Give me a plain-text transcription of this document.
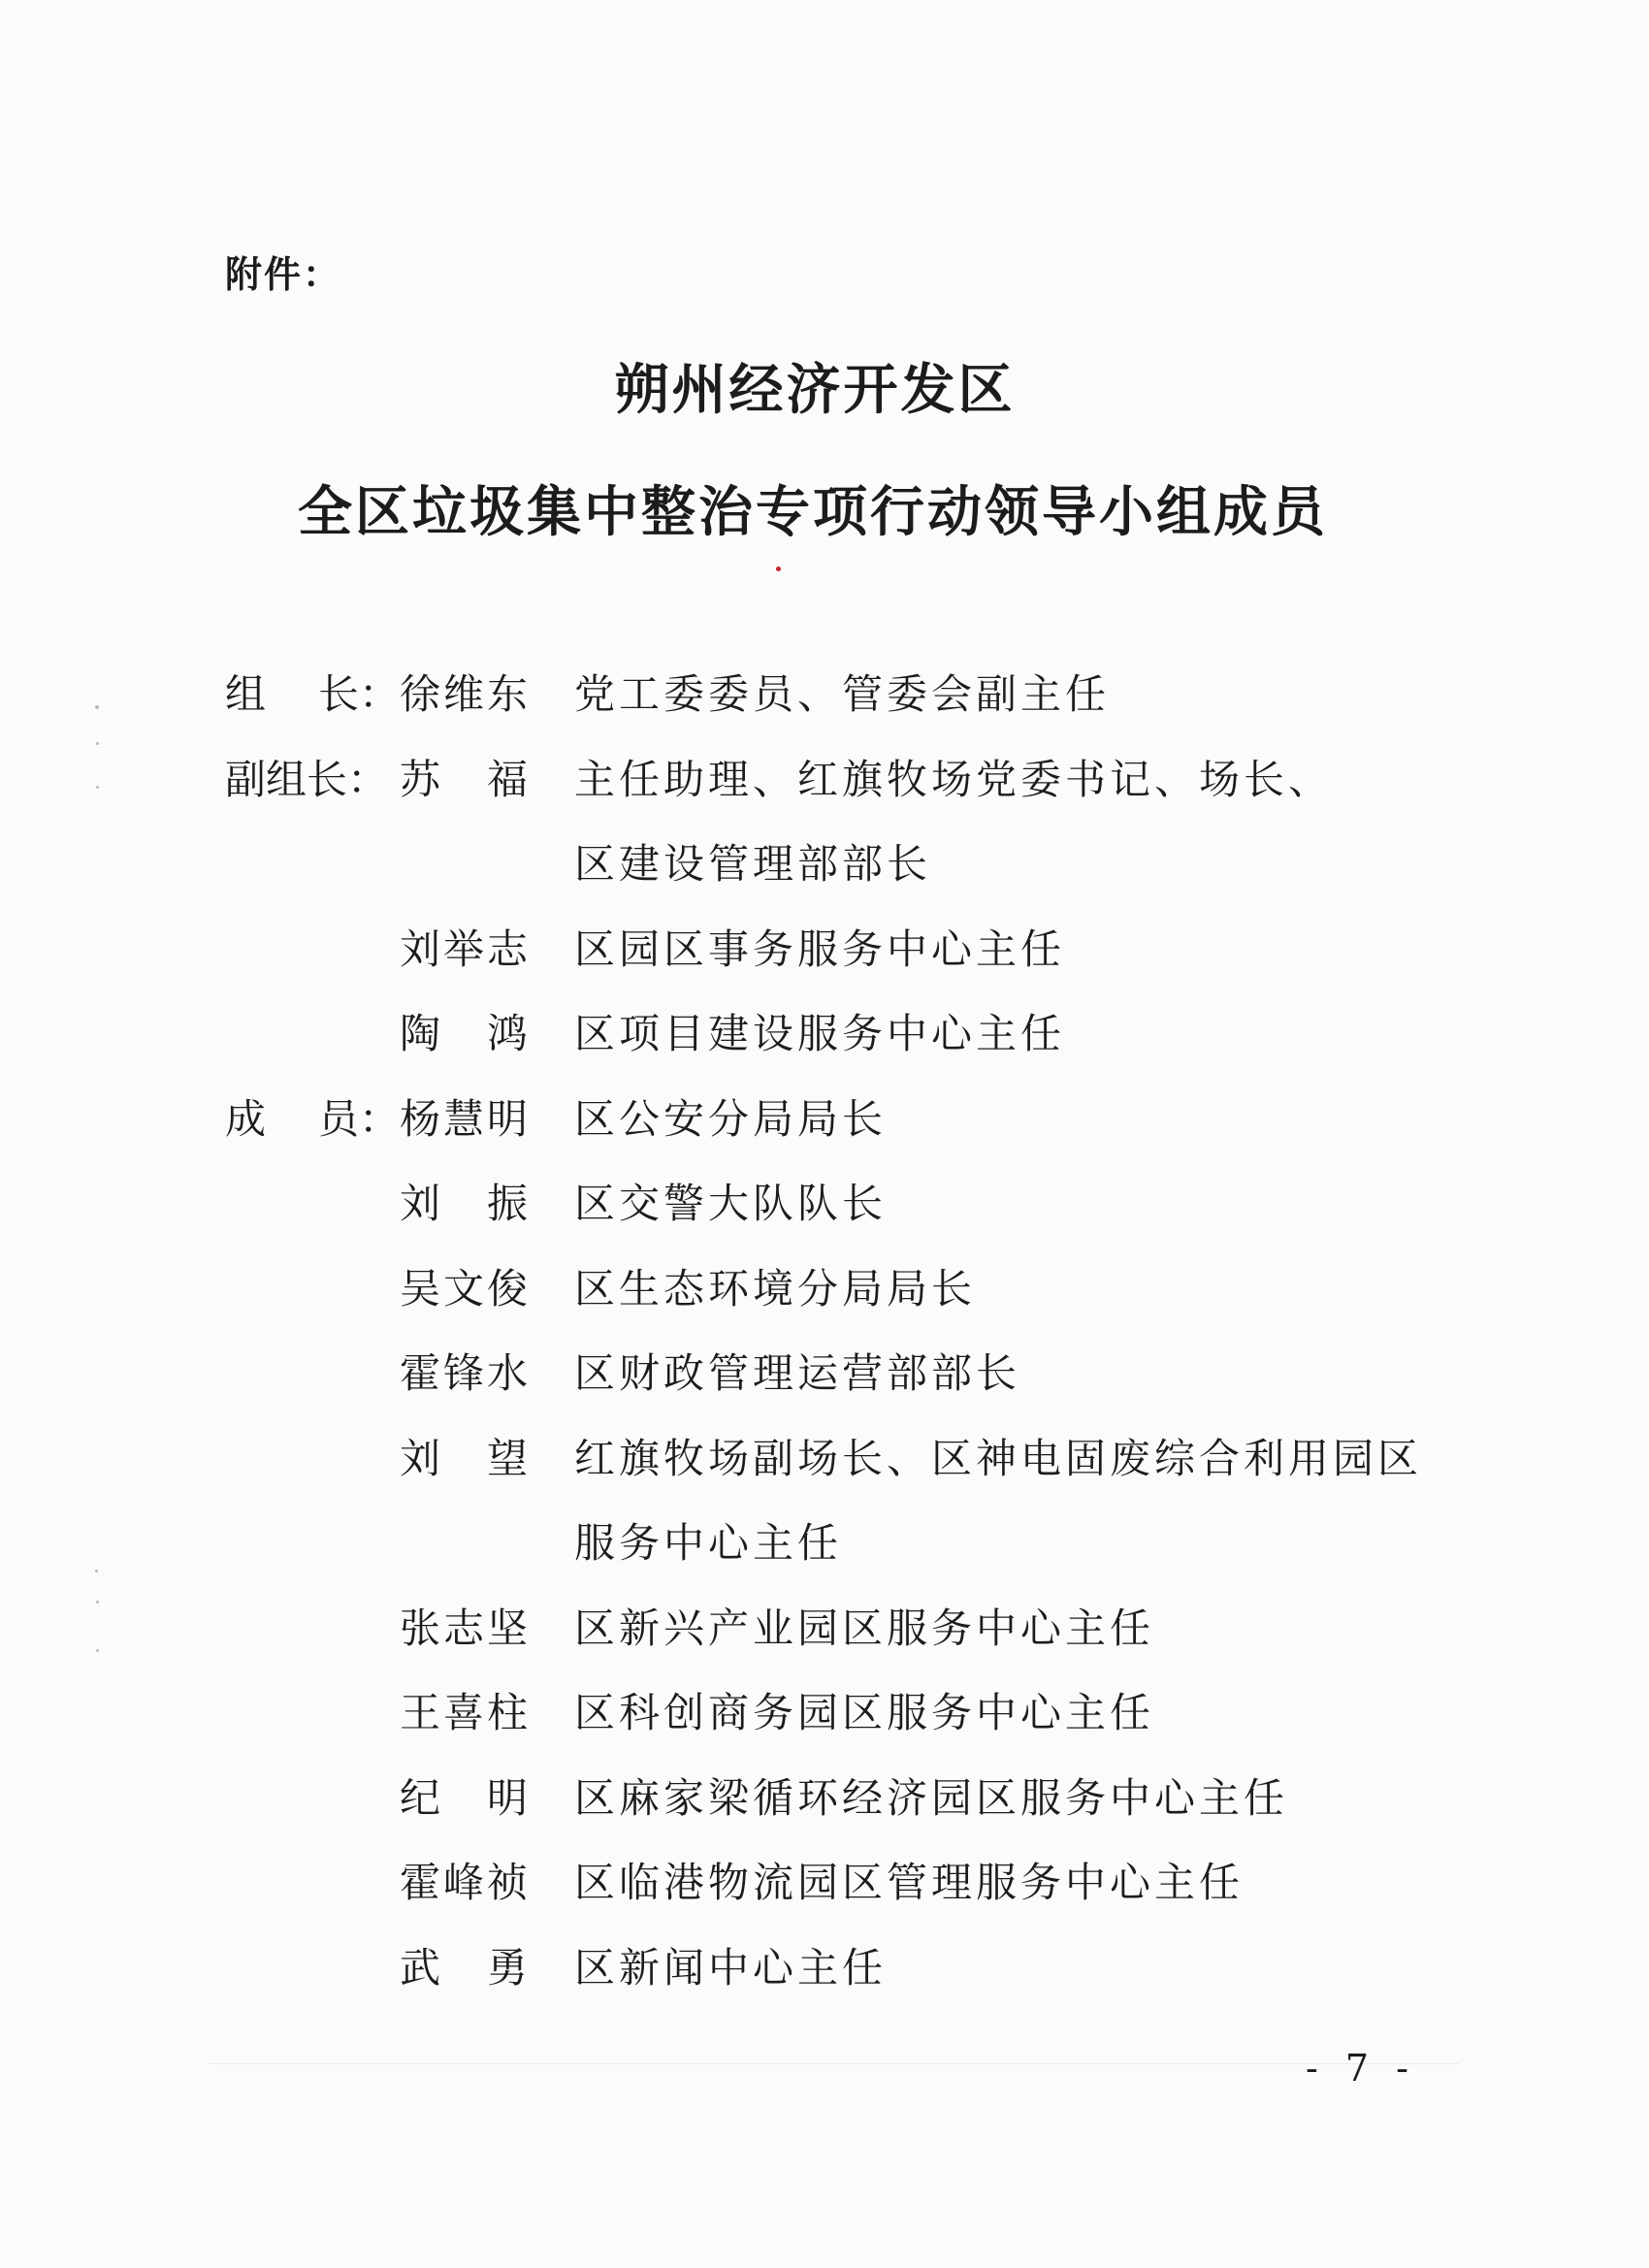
附件：
朔州经济开发区
全区垃圾集中整治专项行动领导小组成员
组 长： 徐 维 东 党工委委员、管委会副主任
副组长： 苏 福 主任助理、红旗牧场党委书记、场长、
区建设管理部部长
刘 举 志 区园区事务服务中心主任
陶 鸿 区项目建设服务中心主任
成 员： 杨 慧 明 区公安分局局长
刘 振 区交警大队队长
吴 文 俊 区生态环境分局局长
霍 锋 水 区财政管理运营部部长
刘 望 红旗牧场副场长、区神电固废综合利用园区
服务中心主任
张 志 坚 区新兴产业园区服务中心主任
王 喜 柱 区科创商务园区服务中心主任
纪 明 区麻家梁循环经济园区服务中心主任
霍 峰 祯 区临港物流园区管理服务中心主任
武 勇 区新闻中心主任
- 7 -
